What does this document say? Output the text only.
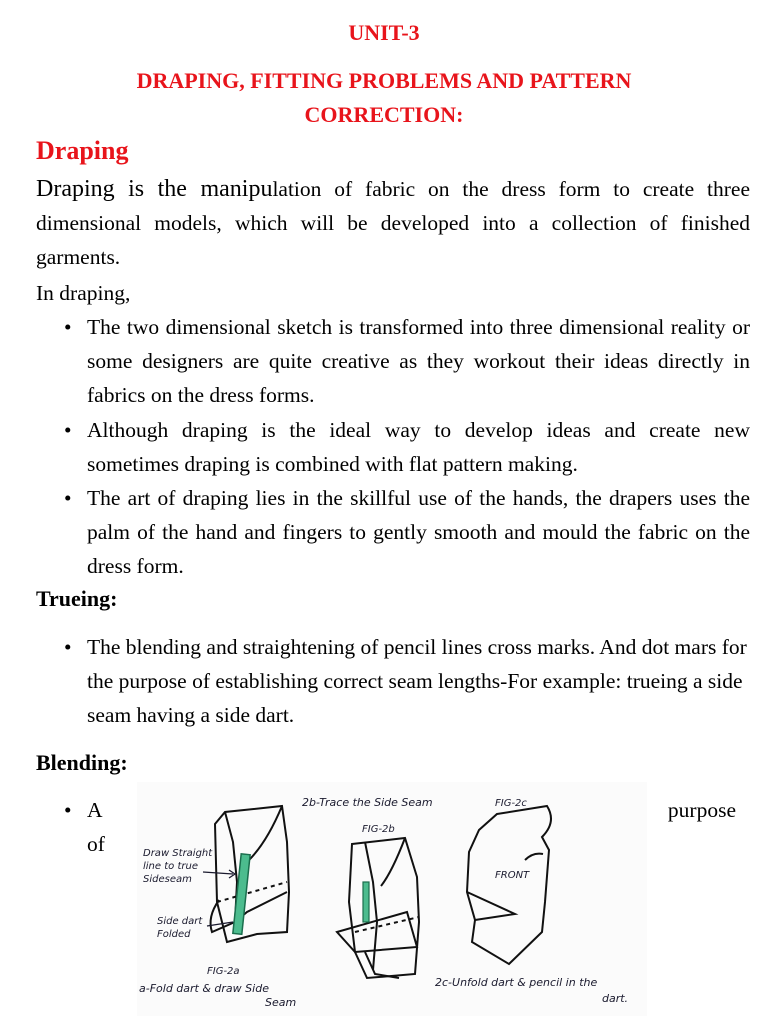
UNIT-3
DRAPING, FITTING PROBLEMS AND PATTERN CORRECTION:
Draping
Draping is the manipulation of fabric on the dress form to create three dimensional models, which will be developed into a collection of finished garments.
In draping,
• The two dimensional sketch is transformed into three dimensional reality or some designers are quite creative as they workout their ideas directly in fabrics on the dress forms.
• Although draping is the ideal way to develop ideas and create new sometimes draping is combined with flat pattern making.
• The art of draping lies in the skillful use of the hands, the drapers uses the palm of the hand and fingers to gently smooth and mould the fabric on the dress form.
Trueing:
• The blending and straightening of pencil lines cross marks. And dot mars for the purpose of establishing correct seam lengths-For example: trueing a side seam having a side dart.
Blending:
• A	purpose
of	Draw Straight
line to true
Sideseam
Side dart
Folded
FIG-2a
a-Fold dart & draw Side
Seam
2b-Trace the Side Seam
FIG-2b
FIG-2c
FRONT
2c-Unfold dart & pencil in the
dart.
